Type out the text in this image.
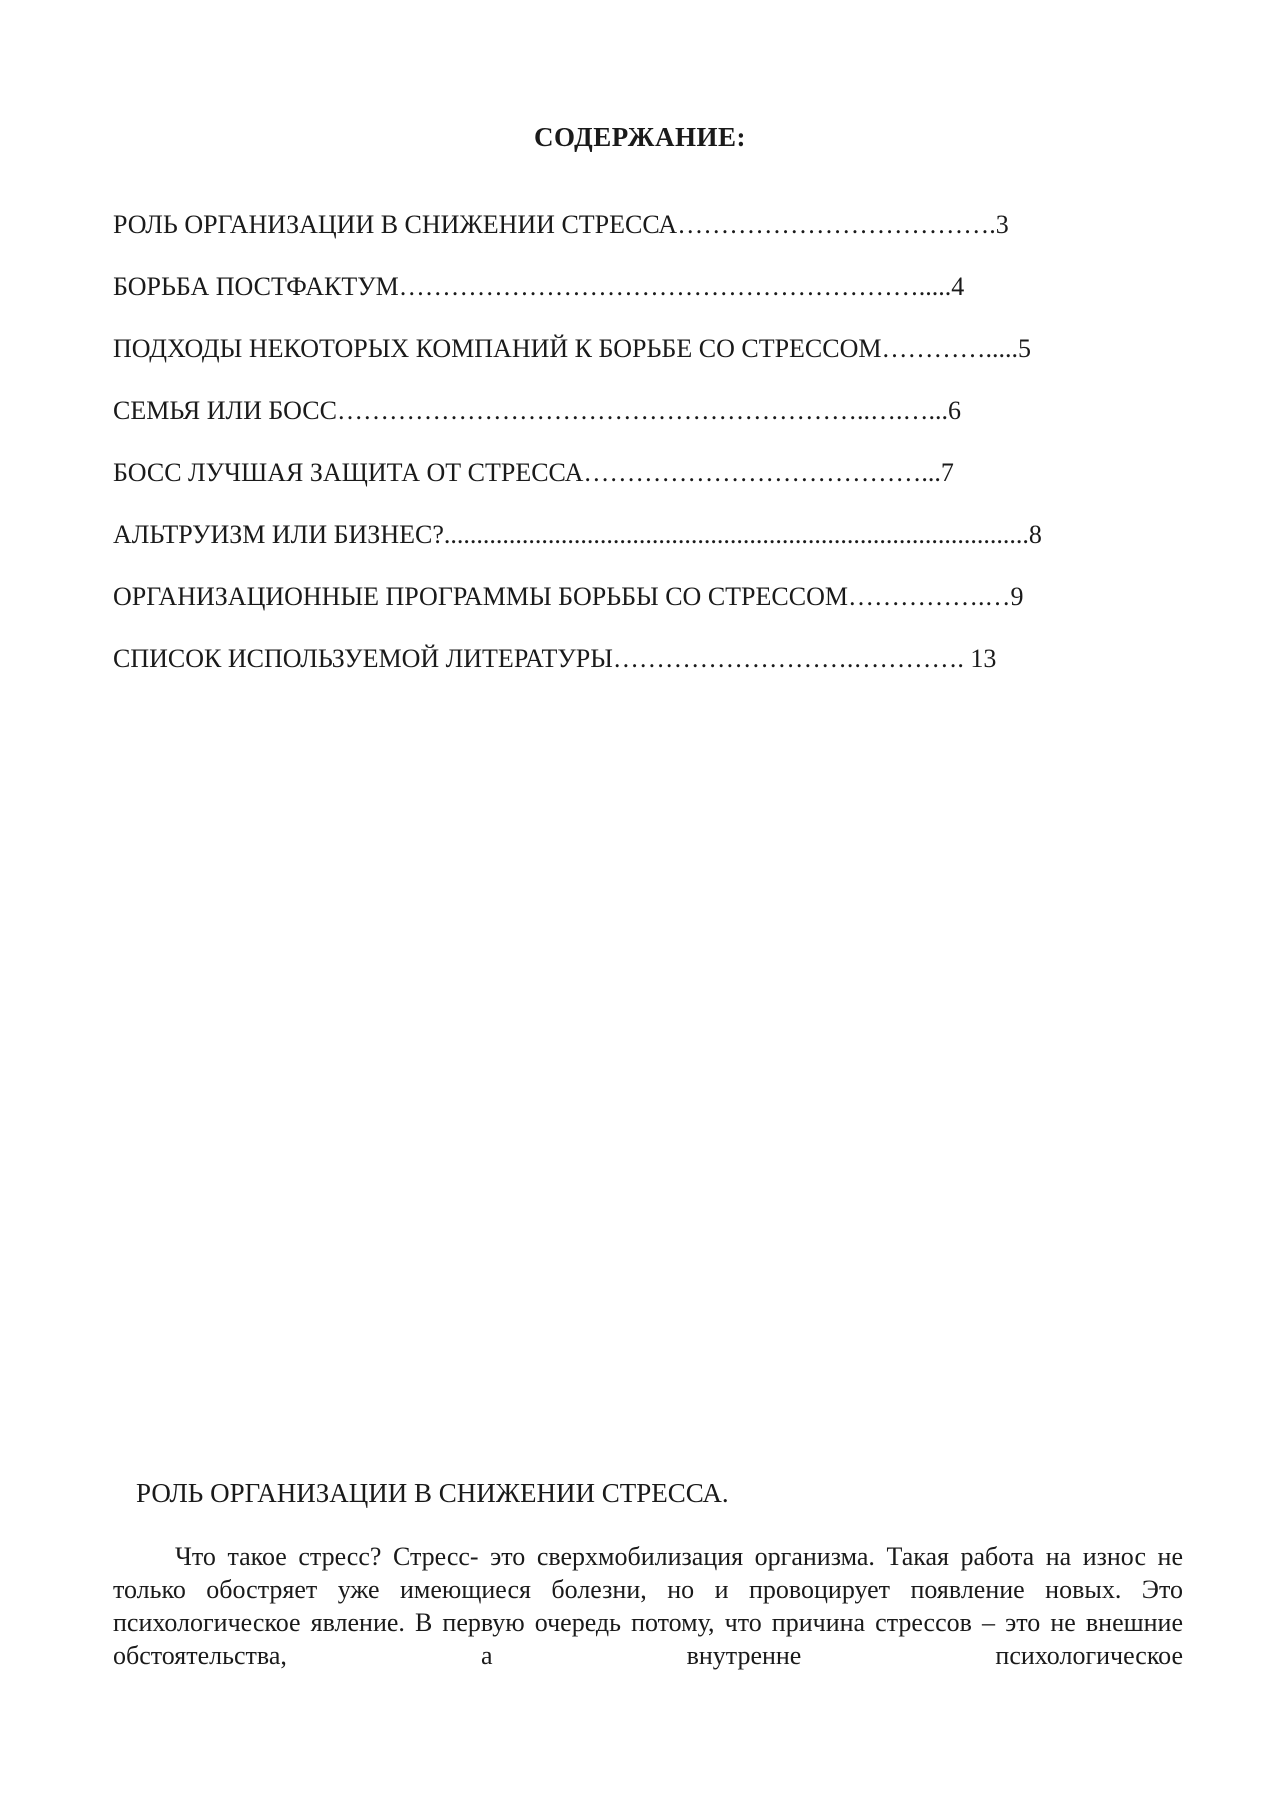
СОДЕРЖАНИЕ:
РОЛЬ ОРГАНИЗАЦИИ В СНИЖЕНИИ СТРЕССА……………………………….3
БОРЬБА ПОСТФАКТУМ…………………………………………………….....4
ПОДХОДЫ НЕКОТОРЫХ КОМПАНИЙ К БОРЬБЕ СО СТРЕССОМ………….....5
СЕМЬЯ ИЛИ БОСС……………………………………………………..….…...6
БОСС ЛУЧШАЯ ЗАЩИТА ОТ СТРЕССА…………………………………...7
АЛЬТРУИЗМ ИЛИ БИЗНЕС?..........................................................................................8
ОРГАНИЗАЦИОННЫЕ ПРОГРАММЫ БОРЬБЫ СО СТРЕССОМ…………….…9
СПИСОК ИСПОЛЬЗУЕМОЙ ЛИТЕРАТУРЫ……………………….…………. 13
РОЛЬ ОРГАНИЗАЦИИ В СНИЖЕНИИ СТРЕССА.

Что такое стресс? Стресс- это сверхмобилизация организма. Такая работа на износ не только обостряет уже имеющиеся болезни, но и провоцирует появление новых. Это психологическое явление. В первую очередь потому, что причина стрессов – это не внешние обстоятельства, а внутренне психологическое
